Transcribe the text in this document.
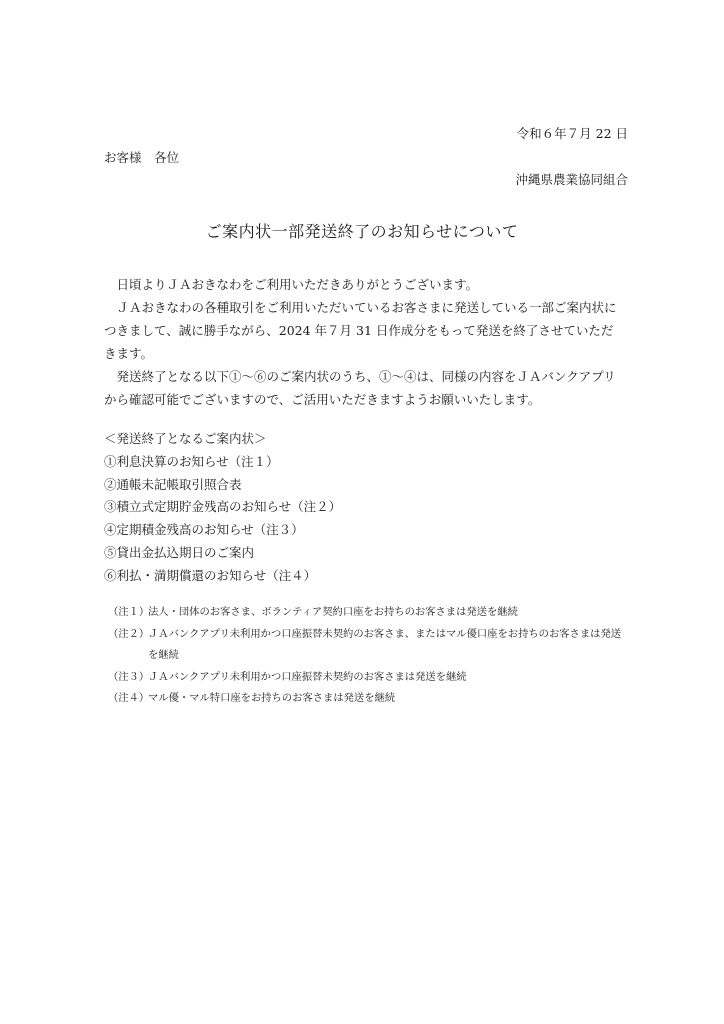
令和６年７月 22 日
お客様　各位
沖縄県農業協同組合
ご案内状一部発送終了のお知らせについて

日頃よりＪＡおきなわをご利用いただきありがとうございます。

ＪＡおきなわの各種取引をご利用いただいているお客さまに発送している一部ご案内状につきまして、誠に勝手ながら、2024 年７月 31 日作成分をもって発送を終了させていただきます。

発送終了となる以下①～⑥のご案内状のうち、①～④は、同様の内容をＪＡバンクアプリから確認可能でございますので、ご活用いただきますようお願いいたします。

＜発送終了となるご案内状＞
①利息決算のお知らせ（注１）
②通帳未記帳取引照合表
③積立式定期貯金残高のお知らせ（注２）
④定期積金残高のお知らせ（注３）
⑤貸出金払込期日のご案内
⑥利払・満期償還のお知らせ（注４）
（注１）
法人・団体のお客さま、ボランティア契約口座をお持ちのお客さまは発送を継続
（注２）
ＪＡバンクアプリ未利用かつ口座振替未契約のお客さま、またはマル優口座をお持ちのお客さまは発送を継続
（注３）
ＪＡバンクアプリ未利用かつ口座振替未契約のお客さまは発送を継続
（注４）
マル優・マル特口座をお持ちのお客さまは発送を継続
